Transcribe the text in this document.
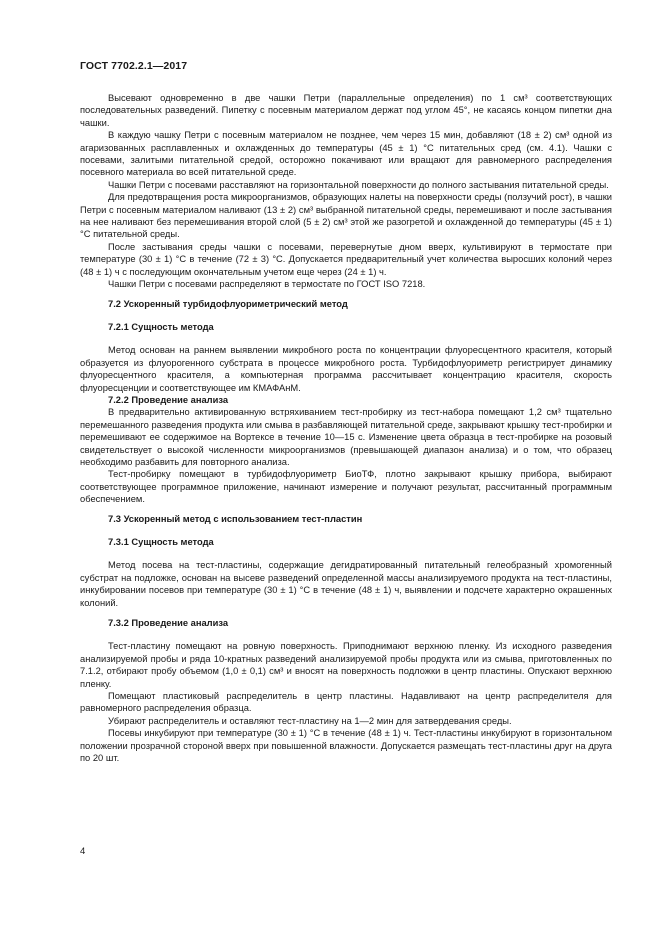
ГОСТ 7702.2.1—2017

Высевают одновременно в две чашки Петри (параллельные определения) по 1 см³ соответствующих последовательных разведений. Пипетку с посевным материалом держат под углом 45°, не касаясь концом пипетки дна чашки.

В каждую чашку Петри с посевным материалом не позднее, чем через 15 мин, добавляют (18 ± 2) см³ одной из агаризованных расплавленных и охлажденных до температуры (45 ± 1) °С питательных сред (см. 4.1). Чашки с посевами, залитыми питательной средой, осторожно покачивают или вращают для равномерного распределения посевного материала во всей питательной среде.

Чашки Петри с посевами расставляют на горизонтальной поверхности до полного застывания питательной среды.

Для предотвращения роста микроорганизмов, образующих налеты на поверхности среды (ползучий рост), в чашки Петри с посевным материалом наливают (13 ± 2) см³ выбранной питательной среды, перемешивают и после застывания на нее наливают без перемешивания второй слой (5 ± 2) см³ этой же разогретой и охлажденной до температуры (45 ± 1) °С питательной среды.

После застывания среды чашки с посевами, перевернутые дном вверх, культивируют в термостате при температуре (30 ± 1) °С в течение (72 ± 3) °С. Допускается предварительный учет количества выросших колоний через (48 ± 1) ч с последующим окончательным учетом еще через (24 ± 1) ч.

Чашки Петри с посевами распределяют в термостате по ГОСТ ISO 7218.

7.2 Ускоренный турбидофлуориметрический метод
7.2.1 Сущность метода

Метод основан на раннем выявлении микробного роста по концентрации флуоресцентного красителя, который образуется из флуорогенного субстрата в процессе микробного роста. Турбидофлуориметр регистрирует динамику флуоресцентного красителя, а компьютерная программа рассчитывает концентрацию красителя, скорость флуоресценции и соответствующее им КМАФАнМ.

7.2.2 Проведение анализа

В предварительно активированную встряхиванием тест-пробирку из тест-набора помещают 1,2 см³ тщательно перемешанного разведения продукта или смыва в разбавляющей питательной среде, закрывают крышку тест-пробирки и перемешивают ее содержимое на Вортексе в течение 10—15 с. Изменение цвета образца в тест-пробирке на розовый свидетельствует о высокой численности микроорганизмов (превышающей диапазон анализа) и о том, что образец необходимо разбавить для повторного анализа.

Тест-пробирку помещают в турбидофлуориметр БиоТФ, плотно закрывают крышку прибора, выбирают соответствующее программное приложение, начинают измерение и получают результат, рассчитанный программным обеспечением.

7.3 Ускоренный метод с использованием тест-пластин
7.3.1 Сущность метода

Метод посева на тест-пластины, содержащие дегидратированный питательный гелеобразный хромогенный субстрат на подложке, основан на высеве разведений определенной массы анализируемого продукта на тест-пластины, инкубировании посевов при температуре (30 ± 1) °С в течение (48 ± 1) ч, выявлении и подсчете характерно окрашенных колоний.

7.3.2 Проведение анализа

Тест-пластину помещают на ровную поверхность. Приподнимают верхнюю пленку. Из исходного разведения анализируемой пробы и ряда 10-кратных разведений анализируемой пробы продукта или из смыва, приготовленных по 7.1.2, отбирают пробу объемом (1,0 ± 0,1) см³ и вносят на поверхность подложки в центр пластины. Опускают верхнюю пленку.

Помещают пластиковый распределитель в центр пластины. Надавливают на центр распределителя для равномерного распределения образца.

Убирают распределитель и оставляют тест-пластину на 1—2 мин для затвердевания среды.

Посевы инкубируют при температуре (30 ± 1) °С в течение (48 ± 1) ч. Тест-пластины инкубируют в горизонтальном положении прозрачной стороной вверх при повышенной влажности. Допускается размещать тест-пластины друг на друга по 20 шт.

4
